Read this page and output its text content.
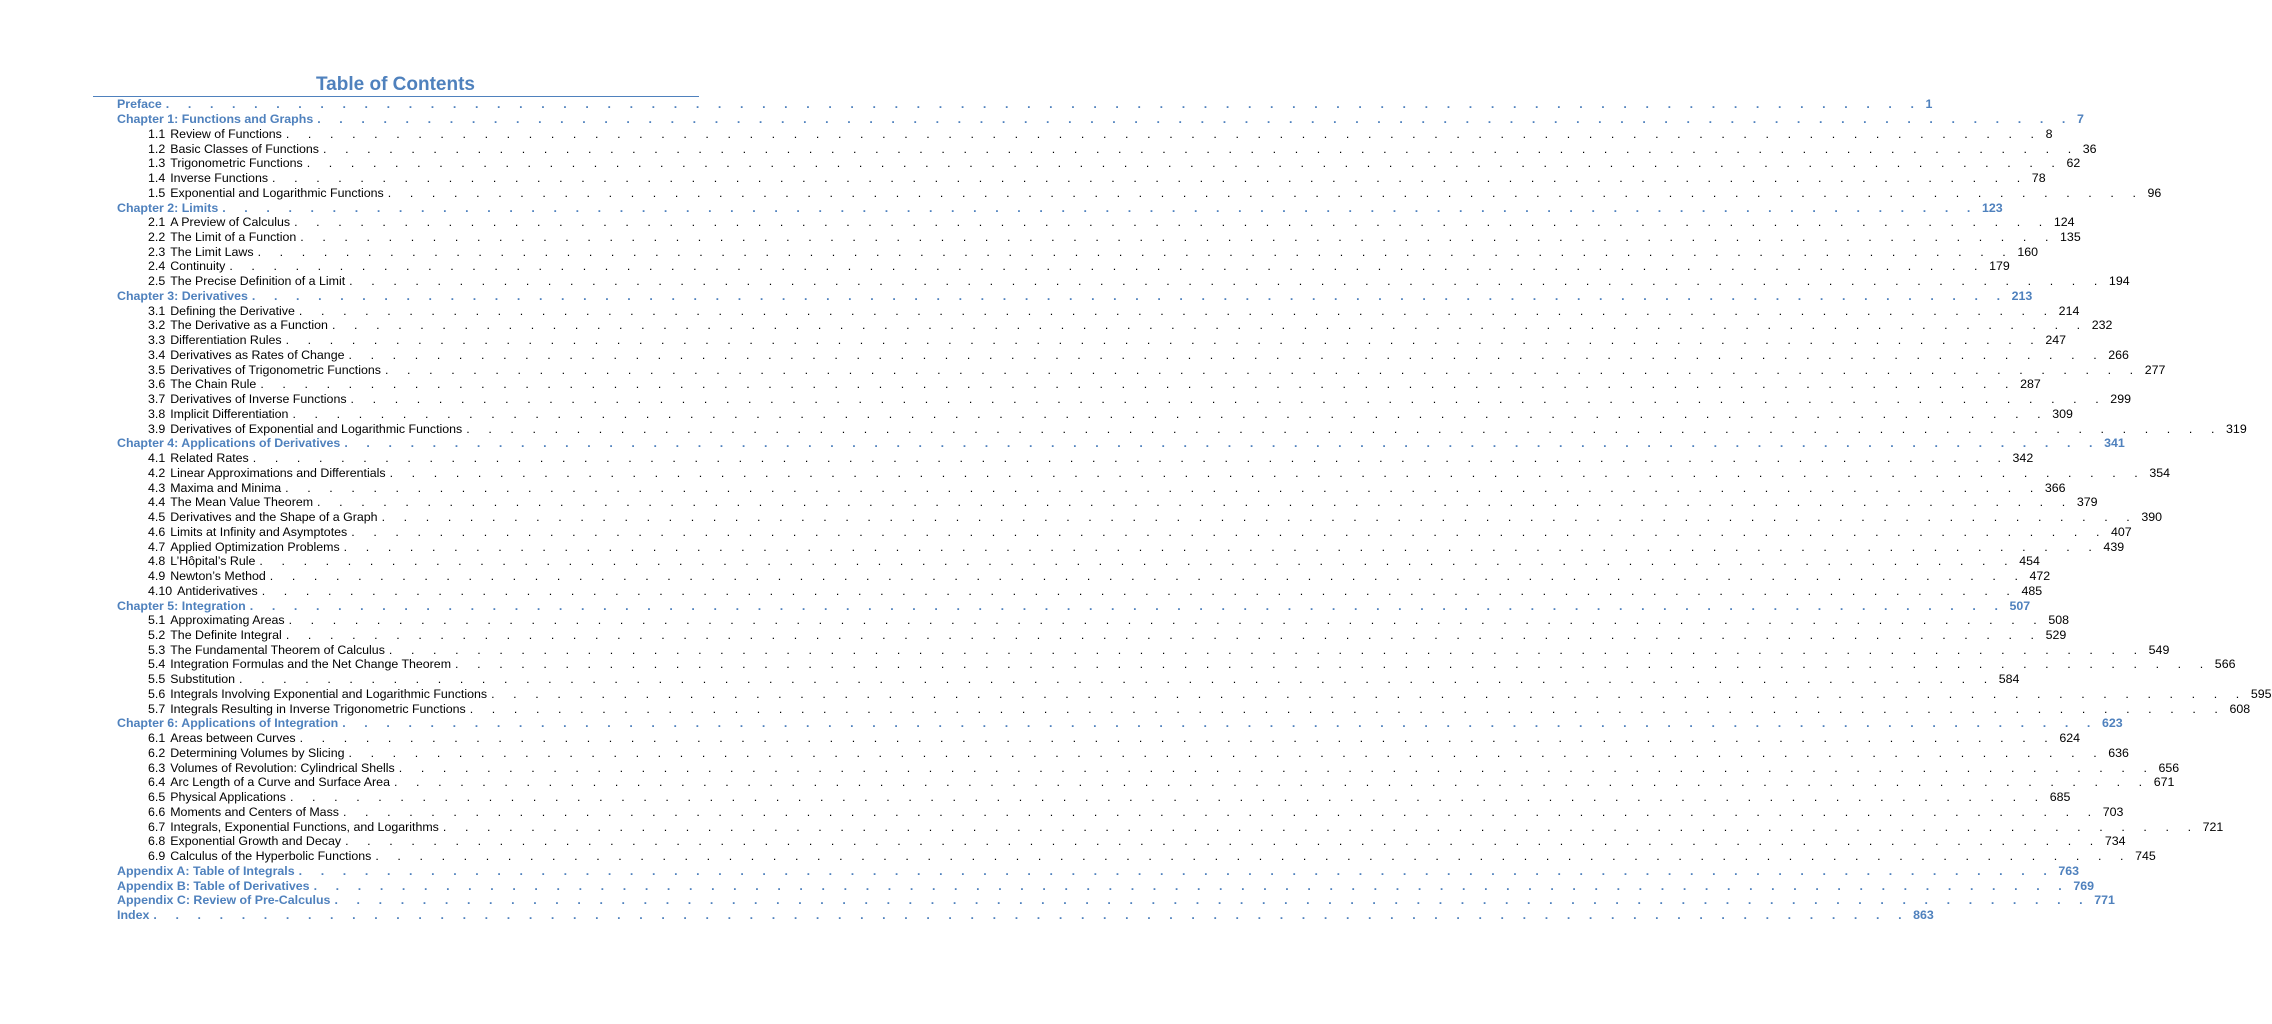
Table of Contents
Preface . . . . . . . . . . . . . . . . . . . . . . . . . . . . . . . . . . . . . . . . . . . . . . . . . . . . . . . . . . . . . . . . . . . . . . . . . . . . . . . . 1
Chapter 1: Functions and Graphs . . . . . . . . . . . . . . . . . . . . . . . . . . . . . . . . . . . . . . . . . . . . . . . . . . . . . . . . . . . . . . . . . . . . . . . . . . . . . . . . 7
1.1 Review of Functions . . . . . . . . . . . . . . . . . . . . . . . . . . . . . . . . . . . . . . . . . . . . . . . . . . . . . . . . . . . . . . . . . . . . . . . . . . . . . . . . 8
1.2 Basic Classes of Functions . . . . . . . . . . . . . . . . . . . . . . . . . . . . . . . . . . . . . . . . . . . . . . . . . . . . . . . . . . . . . . . . . . . . . . . . . . . . . . . . 36
1.3 Trigonometric Functions . . . . . . . . . . . . . . . . . . . . . . . . . . . . . . . . . . . . . . . . . . . . . . . . . . . . . . . . . . . . . . . . . . . . . . . . . . . . . . . . 62
1.4 Inverse Functions . . . . . . . . . . . . . . . . . . . . . . . . . . . . . . . . . . . . . . . . . . . . . . . . . . . . . . . . . . . . . . . . . . . . . . . . . . . . . . . . 78
1.5 Exponential and Logarithmic Functions . . . . . . . . . . . . . . . . . . . . . . . . . . . . . . . . . . . . . . . . . . . . . . . . . . . . . . . . . . . . . . . . . . . . . . . . . . . . . . . . 96
Chapter 2: Limits . . . . . . . . . . . . . . . . . . . . . . . . . . . . . . . . . . . . . . . . . . . . . . . . . . . . . . . . . . . . . . . . . . . . . . . . . . . . . . . . 123
2.1 A Preview of Calculus . . . . . . . . . . . . . . . . . . . . . . . . . . . . . . . . . . . . . . . . . . . . . . . . . . . . . . . . . . . . . . . . . . . . . . . . . . . . . . . . 124
2.2 The Limit of a Function . . . . . . . . . . . . . . . . . . . . . . . . . . . . . . . . . . . . . . . . . . . . . . . . . . . . . . . . . . . . . . . . . . . . . . . . . . . . . . . . 135
2.3 The Limit Laws . . . . . . . . . . . . . . . . . . . . . . . . . . . . . . . . . . . . . . . . . . . . . . . . . . . . . . . . . . . . . . . . . . . . . . . . . . . . . . . . 160
2.4 Continuity . . . . . . . . . . . . . . . . . . . . . . . . . . . . . . . . . . . . . . . . . . . . . . . . . . . . . . . . . . . . . . . . . . . . . . . . . . . . . . . . 179
2.5 The Precise Definition of a Limit . . . . . . . . . . . . . . . . . . . . . . . . . . . . . . . . . . . . . . . . . . . . . . . . . . . . . . . . . . . . . . . . . . . . . . . . . . . . . . . . 194
Chapter 3: Derivatives . . . . . . . . . . . . . . . . . . . . . . . . . . . . . . . . . . . . . . . . . . . . . . . . . . . . . . . . . . . . . . . . . . . . . . . . . . . . . . . . 213
3.1 Defining the Derivative . . . . . . . . . . . . . . . . . . . . . . . . . . . . . . . . . . . . . . . . . . . . . . . . . . . . . . . . . . . . . . . . . . . . . . . . . . . . . . . . 214
3.2 The Derivative as a Function . . . . . . . . . . . . . . . . . . . . . . . . . . . . . . . . . . . . . . . . . . . . . . . . . . . . . . . . . . . . . . . . . . . . . . . . . . . . . . . . 232
3.3 Differentiation Rules . . . . . . . . . . . . . . . . . . . . . . . . . . . . . . . . . . . . . . . . . . . . . . . . . . . . . . . . . . . . . . . . . . . . . . . . . . . . . . . . 247
3.4 Derivatives as Rates of Change . . . . . . . . . . . . . . . . . . . . . . . . . . . . . . . . . . . . . . . . . . . . . . . . . . . . . . . . . . . . . . . . . . . . . . . . . . . . . . . . 266
3.5 Derivatives of Trigonometric Functions . . . . . . . . . . . . . . . . . . . . . . . . . . . . . . . . . . . . . . . . . . . . . . . . . . . . . . . . . . . . . . . . . . . . . . . . . . . . . . . . 277
3.6 The Chain Rule . . . . . . . . . . . . . . . . . . . . . . . . . . . . . . . . . . . . . . . . . . . . . . . . . . . . . . . . . . . . . . . . . . . . . . . . . . . . . . . . 287
3.7 Derivatives of Inverse Functions . . . . . . . . . . . . . . . . . . . . . . . . . . . . . . . . . . . . . . . . . . . . . . . . . . . . . . . . . . . . . . . . . . . . . . . . . . . . . . . . 299
3.8 Implicit Differentiation . . . . . . . . . . . . . . . . . . . . . . . . . . . . . . . . . . . . . . . . . . . . . . . . . . . . . . . . . . . . . . . . . . . . . . . . . . . . . . . . 309
3.9 Derivatives of Exponential and Logarithmic Functions . . . . . . . . . . . . . . . . . . . . . . . . . . . . . . . . . . . . . . . . . . . . . . . . . . . . . . . . . . . . . . . . . . . . . . . . . . . . . . . . 319
Chapter 4: Applications of Derivatives . . . . . . . . . . . . . . . . . . . . . . . . . . . . . . . . . . . . . . . . . . . . . . . . . . . . . . . . . . . . . . . . . . . . . . . . . . . . . . . . 341
4.1 Related Rates . . . . . . . . . . . . . . . . . . . . . . . . . . . . . . . . . . . . . . . . . . . . . . . . . . . . . . . . . . . . . . . . . . . . . . . . . . . . . . . . 342
4.2 Linear Approximations and Differentials . . . . . . . . . . . . . . . . . . . . . . . . . . . . . . . . . . . . . . . . . . . . . . . . . . . . . . . . . . . . . . . . . . . . . . . . . . . . . . . . 354
4.3 Maxima and Minima . . . . . . . . . . . . . . . . . . . . . . . . . . . . . . . . . . . . . . . . . . . . . . . . . . . . . . . . . . . . . . . . . . . . . . . . . . . . . . . . 366
4.4 The Mean Value Theorem . . . . . . . . . . . . . . . . . . . . . . . . . . . . . . . . . . . . . . . . . . . . . . . . . . . . . . . . . . . . . . . . . . . . . . . . . . . . . . . . 379
4.5 Derivatives and the Shape of a Graph . . . . . . . . . . . . . . . . . . . . . . . . . . . . . . . . . . . . . . . . . . . . . . . . . . . . . . . . . . . . . . . . . . . . . . . . . . . . . . . . 390
4.6 Limits at Infinity and Asymptotes . . . . . . . . . . . . . . . . . . . . . . . . . . . . . . . . . . . . . . . . . . . . . . . . . . . . . . . . . . . . . . . . . . . . . . . . . . . . . . . . 407
4.7 Applied Optimization Problems . . . . . . . . . . . . . . . . . . . . . . . . . . . . . . . . . . . . . . . . . . . . . . . . . . . . . . . . . . . . . . . . . . . . . . . . . . . . . . . . 439
4.8 L’Hôpital’s Rule . . . . . . . . . . . . . . . . . . . . . . . . . . . . . . . . . . . . . . . . . . . . . . . . . . . . . . . . . . . . . . . . . . . . . . . . . . . . . . . . 454
4.9 Newton’s Method . . . . . . . . . . . . . . . . . . . . . . . . . . . . . . . . . . . . . . . . . . . . . . . . . . . . . . . . . . . . . . . . . . . . . . . . . . . . . . . . 472
4.10 Antiderivatives . . . . . . . . . . . . . . . . . . . . . . . . . . . . . . . . . . . . . . . . . . . . . . . . . . . . . . . . . . . . . . . . . . . . . . . . . . . . . . . . 485
Chapter 5: Integration . . . . . . . . . . . . . . . . . . . . . . . . . . . . . . . . . . . . . . . . . . . . . . . . . . . . . . . . . . . . . . . . . . . . . . . . . . . . . . . . 507
5.1 Approximating Areas . . . . . . . . . . . . . . . . . . . . . . . . . . . . . . . . . . . . . . . . . . . . . . . . . . . . . . . . . . . . . . . . . . . . . . . . . . . . . . . . 508
5.2 The Definite Integral . . . . . . . . . . . . . . . . . . . . . . . . . . . . . . . . . . . . . . . . . . . . . . . . . . . . . . . . . . . . . . . . . . . . . . . . . . . . . . . . 529
5.3 The Fundamental Theorem of Calculus . . . . . . . . . . . . . . . . . . . . . . . . . . . . . . . . . . . . . . . . . . . . . . . . . . . . . . . . . . . . . . . . . . . . . . . . . . . . . . . . 549
5.4 Integration Formulas and the Net Change Theorem . . . . . . . . . . . . . . . . . . . . . . . . . . . . . . . . . . . . . . . . . . . . . . . . . . . . . . . . . . . . . . . . . . . . . . . . . . . . . . . . 566
5.5 Substitution . . . . . . . . . . . . . . . . . . . . . . . . . . . . . . . . . . . . . . . . . . . . . . . . . . . . . . . . . . . . . . . . . . . . . . . . . . . . . . . . 584
5.6 Integrals Involving Exponential and Logarithmic Functions . . . . . . . . . . . . . . . . . . . . . . . . . . . . . . . . . . . . . . . . . . . . . . . . . . . . . . . . . . . . . . . . . . . . . . . . . . . . . . . . 595
5.7 Integrals Resulting in Inverse Trigonometric Functions . . . . . . . . . . . . . . . . . . . . . . . . . . . . . . . . . . . . . . . . . . . . . . . . . . . . . . . . . . . . . . . . . . . . . . . . . . . . . . . . 608
Chapter 6: Applications of Integration . . . . . . . . . . . . . . . . . . . . . . . . . . . . . . . . . . . . . . . . . . . . . . . . . . . . . . . . . . . . . . . . . . . . . . . . . . . . . . . . 623
6.1 Areas between Curves . . . . . . . . . . . . . . . . . . . . . . . . . . . . . . . . . . . . . . . . . . . . . . . . . . . . . . . . . . . . . . . . . . . . . . . . . . . . . . . . 624
6.2 Determining Volumes by Slicing . . . . . . . . . . . . . . . . . . . . . . . . . . . . . . . . . . . . . . . . . . . . . . . . . . . . . . . . . . . . . . . . . . . . . . . . . . . . . . . . 636
6.3 Volumes of Revolution: Cylindrical Shells . . . . . . . . . . . . . . . . . . . . . . . . . . . . . . . . . . . . . . . . . . . . . . . . . . . . . . . . . . . . . . . . . . . . . . . . . . . . . . . . 656
6.4 Arc Length of a Curve and Surface Area . . . . . . . . . . . . . . . . . . . . . . . . . . . . . . . . . . . . . . . . . . . . . . . . . . . . . . . . . . . . . . . . . . . . . . . . . . . . . . . . 671
6.5 Physical Applications . . . . . . . . . . . . . . . . . . . . . . . . . . . . . . . . . . . . . . . . . . . . . . . . . . . . . . . . . . . . . . . . . . . . . . . . . . . . . . . . 685
6.6 Moments and Centers of Mass . . . . . . . . . . . . . . . . . . . . . . . . . . . . . . . . . . . . . . . . . . . . . . . . . . . . . . . . . . . . . . . . . . . . . . . . . . . . . . . . 703
6.7 Integrals, Exponential Functions, and Logarithms . . . . . . . . . . . . . . . . . . . . . . . . . . . . . . . . . . . . . . . . . . . . . . . . . . . . . . . . . . . . . . . . . . . . . . . . . . . . . . . . 721
6.8 Exponential Growth and Decay . . . . . . . . . . . . . . . . . . . . . . . . . . . . . . . . . . . . . . . . . . . . . . . . . . . . . . . . . . . . . . . . . . . . . . . . . . . . . . . . 734
6.9 Calculus of the Hyperbolic Functions . . . . . . . . . . . . . . . . . . . . . . . . . . . . . . . . . . . . . . . . . . . . . . . . . . . . . . . . . . . . . . . . . . . . . . . . . . . . . . . . 745
Appendix A: Table of Integrals . . . . . . . . . . . . . . . . . . . . . . . . . . . . . . . . . . . . . . . . . . . . . . . . . . . . . . . . . . . . . . . . . . . . . . . . . . . . . . . . 763
Appendix B: Table of Derivatives . . . . . . . . . . . . . . . . . . . . . . . . . . . . . . . . . . . . . . . . . . . . . . . . . . . . . . . . . . . . . . . . . . . . . . . . . . . . . . . . 769
Appendix C: Review of Pre-Calculus . . . . . . . . . . . . . . . . . . . . . . . . . . . . . . . . . . . . . . . . . . . . . . . . . . . . . . . . . . . . . . . . . . . . . . . . . . . . . . . . 771
Index . . . . . . . . . . . . . . . . . . . . . . . . . . . . . . . . . . . . . . . . . . . . . . . . . . . . . . . . . . . . . . . . . . . . . . . . . . . . . . . . 863
